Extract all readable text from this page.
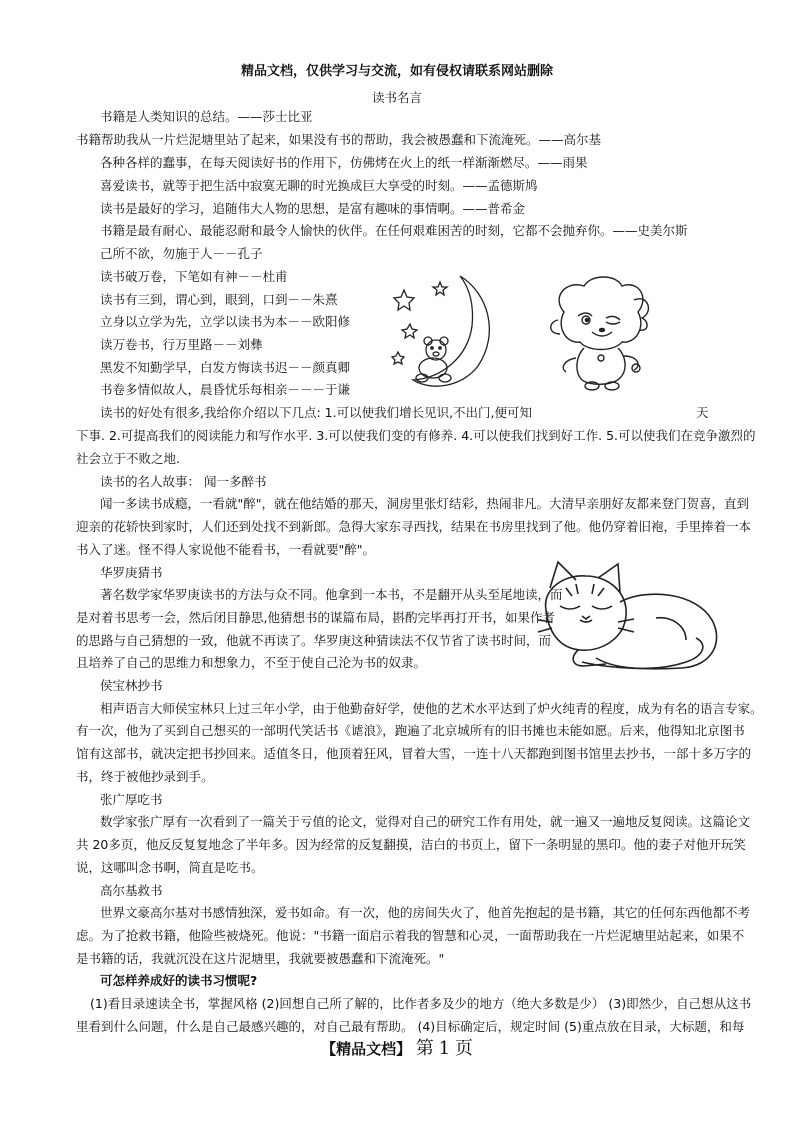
精品文档，仅供学习与交流，如有侵权请联系网站删除
读书名言
书籍是人类知识的总结。——莎士比亚
书籍帮助我从一片烂泥塘里站了起来，如果没有书的帮助，我会被愚蠢和下流淹死。——高尔基
各种各样的蠢事，在每天阅读好书的作用下，仿佛烤在火上的纸一样渐渐燃尽。——雨果
喜爱读书，就等于把生活中寂寞无聊的时光换成巨大享受的时刻。——孟德斯鸠
读书是最好的学习，追随伟大人物的思想，是富有趣味的事情啊。——普希金
书籍是最有耐心、最能忍耐和最令人愉快的伙伴。在任何艰难困苦的时刻，它都不会抛弃你。——史美尔斯
己所不欲，勿施于人－－孔子
读书破万卷，下笔如有神－－杜甫
读书有三到，谓心到，眼到，口到－－朱熹
立身以立学为先，立学以读书为本－－欧阳修
读万卷书，行万里路－－刘彝
黑发不知勤学早，白发方悔读书迟－－颜真卿
书卷多情似故人，晨昏忧乐每相亲－－－于谦
读书的好处有很多,我给你介绍以下几点: 1.可以使我们增长见识,不出门,便可知	天
下事. 2.可提高我们的阅读能力和写作水平. 3.可以使我们变的有修养. 4.可以使我们找到好工作. 5.可以使我们在竞争激烈的
社会立于不败之地.
读书的名人故事： 闻一多醉书
闻一多读书成瘾，一看就"醉"，就在他结婚的那天，洞房里张灯结彩，热闹非凡。大清早亲朋好友都来登门贺喜，直到
迎亲的花轿快到家时，人们还到处找不到新郎。急得大家东寻西找，结果在书房里找到了他。他仍穿着旧袍，手里捧着一本
书入了迷。怪不得人家说他不能看书，一看就要"醉"。
华罗庚猜书
著名数学家华罗庚读书的方法与众不同。他拿到一本书，不是翻开从头至尾地读，而
是对着书思考一会，然后闭目静思,他猜想书的谋篇布局，斟酌完毕再打开书，如果作者
的思路与自己猜想的一致，他就不再读了。华罗庚这种猜读法不仅节省了读书时间，而
且培养了自己的思维力和想象力，不至于使自己沦为书的奴隶。
侯宝林抄书
相声语言大师侯宝林只上过三年小学，由于他勤奋好学，使他的艺术水平达到了炉火纯青的程度，成为有名的语言专家。
有一次，他为了买到自己想买的一部明代笑话书《谑浪》，跑遍了北京城所有的旧书摊也未能如愿。后来，他得知北京图书
馆有这部书，就决定把书抄回来。适值冬日，他顶着狂风，冒着大雪，一连十八天都跑到图书馆里去抄书，一部十多万字的
书，终于被他抄录到手。
张广厚吃书
数学家张广厚有一次看到了一篇关于亏值的论文，觉得对自己的研究工作有用处，就一遍又一遍地反复阅读。这篇论文
共 20多页，他反反复复地念了半年多。因为经常的反复翻摸，洁白的书页上，留下一条明显的黑印。他的妻子对他开玩笑
说，这哪叫念书啊，简直是吃书。
高尔基救书
世界文豪高尔基对书感情独深，爱书如命。有一次，他的房间失火了，他首先抱起的是书籍，其它的任何东西他都不考
虑。为了抢救书籍，他险些被烧死。他说："书籍一面启示着我的智慧和心灵，一面帮助我在一片烂泥塘里站起来，如果不
是书籍的话，我就沉没在这片泥塘里，我就要被愚蠢和下流淹死。"
可怎样养成好的读书习惯呢?
(1)看目录速读全书，掌握风格 (2)回想自己所了解的，比作者多及少的地方（绝大多数是少） (3)即然少，自己想从这书
里看到什么问题，什么是自己最感兴趣的，对自己最有帮助。 (4)目标确定后，规定时间 (5)重点放在目录，大标题，和每
【精品文档】 第 1 页
